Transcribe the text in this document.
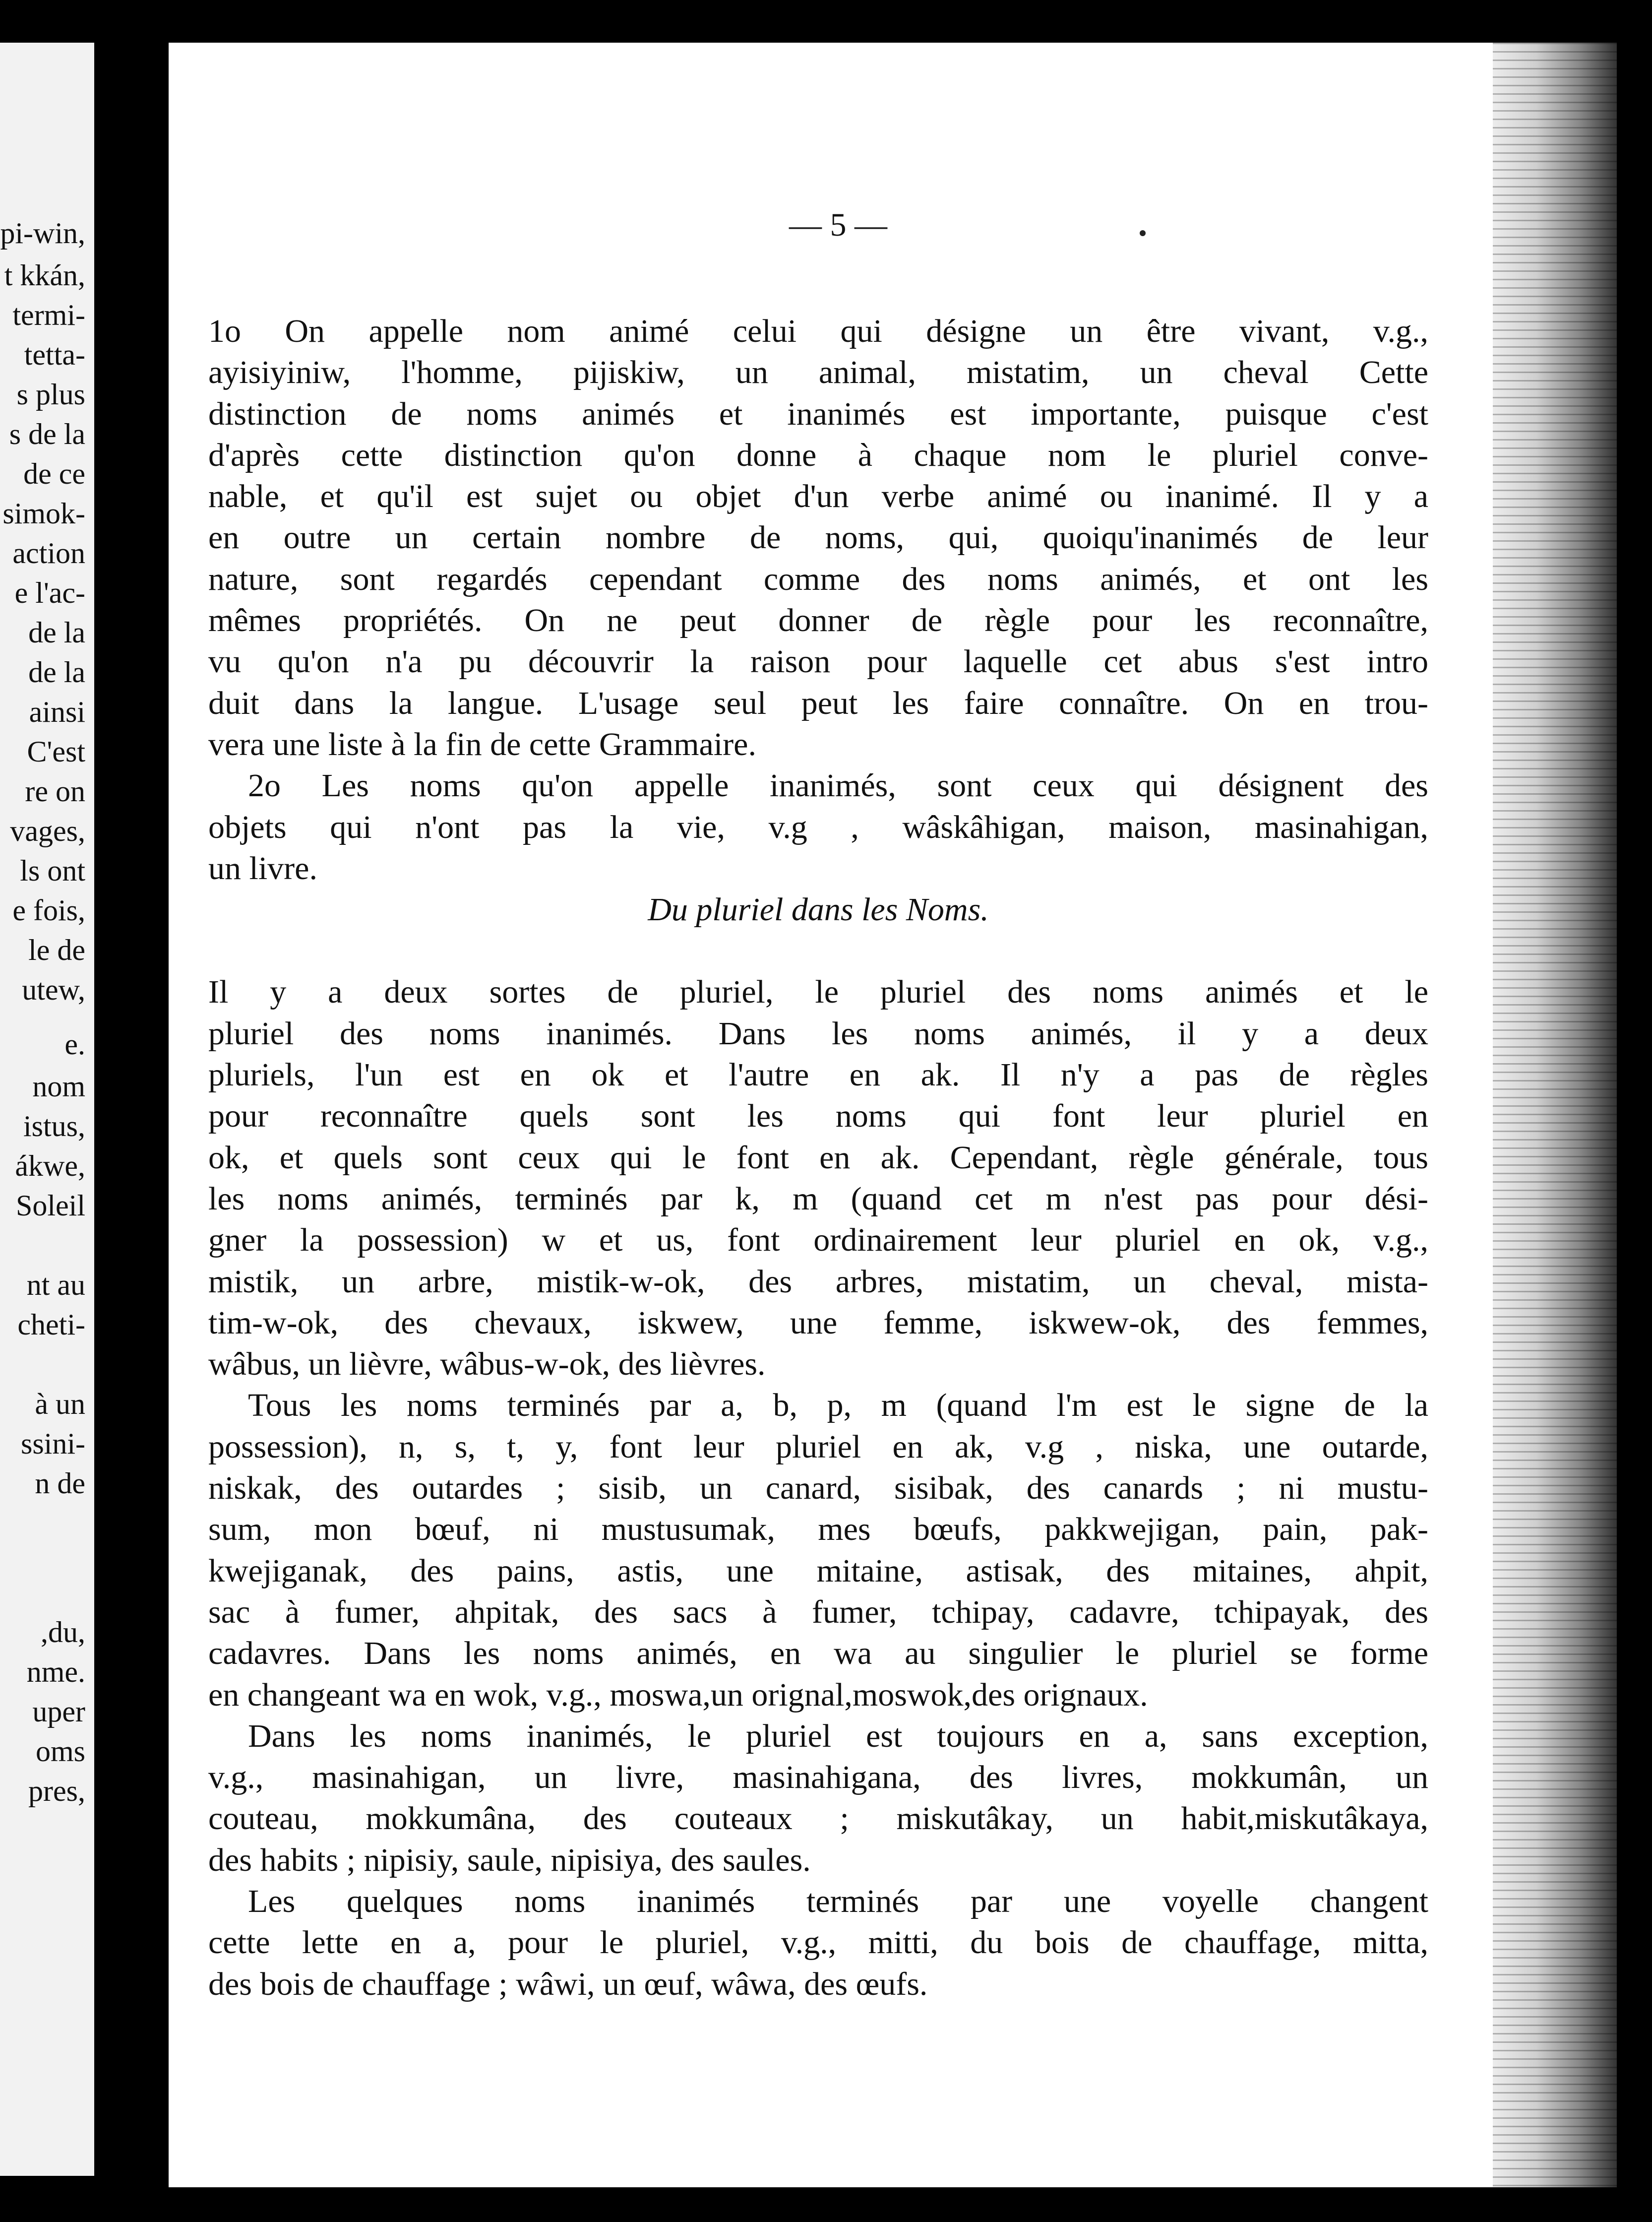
pi-win,
t kkán,
termi-
tetta-
s plus
s de la
de ce
simok-
action
e l'ac-
de la
de la
ainsi
C'est
re on
vages,
ls ont
e fois,
le de
utew,
e.
nom
istus,
ákwe,
Soleil
nt au
cheti-
à un
ssini-
n de
,du,
nme.
uper
oms
pres,
— 5 —
1o On appelle nom animé celui qui désigne un être vivant, v.g.,
ayisiyiniw, l'homme, pijiskiw, un animal, mistatim, un cheval Cette
distinction de noms animés et inanimés est importante, puisque c'est
d'après cette distinction qu'on donne à chaque nom le pluriel conve-
nable, et qu'il est sujet ou objet d'un verbe animé ou inanimé. Il y a
en outre un certain nombre de noms, qui, quoiqu'inanimés de leur
nature, sont regardés cependant comme des noms animés, et ont les
mêmes propriétés. On ne peut donner de règle pour les reconnaître,
vu qu'on n'a pu découvrir la raison pour laquelle cet abus s'est intro
duit dans la langue. L'usage seul peut les faire connaître. On en trou-
vera une liste à la fin de cette Grammaire.
2o Les noms qu'on appelle inanimés, sont ceux qui désignent des
objets qui n'ont pas la vie, v.g , wâskâhigan, maison, masinahigan,
un livre.
Du pluriel dans les Noms.
Il y a deux sortes de pluriel, le pluriel des noms animés et le
pluriel des noms inanimés. Dans les noms animés, il y a deux
pluriels, l'un est en ok et l'autre en ak. Il n'y a pas de règles
pour reconnaître quels sont les noms qui font leur pluriel en
ok, et quels sont ceux qui le font en ak. Cependant, règle générale, tous
les noms animés, terminés par k, m (quand cet m n'est pas pour dési-
gner la possession) w et us, font ordinairement leur pluriel en ok, v.g.,
mistik, un arbre, mistik-w-ok, des arbres, mistatim, un cheval, mista-
tim-w-ok, des chevaux, iskwew, une femme, iskwew-ok, des femmes,
wâbus, un lièvre, wâbus-w-ok, des lièvres.
Tous les noms terminés par a, b, p, m (quand l'm est le signe de la
possession), n, s, t, y, font leur pluriel en ak, v.g , niska, une outarde,
niskak, des outardes ; sisib, un canard, sisibak, des canards ; ni mustu-
sum, mon bœuf, ni mustusumak, mes bœufs, pakkwejigan, pain, pak-
kwejiganak, des pains, astis, une mitaine, astisak, des mitaines, ahpit,
sac à fumer, ahpitak, des sacs à fumer, tchipay, cadavre, tchipayak, des
cadavres. Dans les noms animés, en wa au singulier le pluriel se forme
en changeant wa en wok, v.g., moswa,un orignal,moswok,des orignaux.
Dans les noms inanimés, le pluriel est toujours en a, sans exception,
v.g., masinahigan, un livre, masinahigana, des livres, mokkumân, un
couteau, mokkumâna, des couteaux ; miskutâkay, un habit,miskutâkaya,
des habits ; nipisiy, saule, nipisiya, des saules.
Les quelques noms inanimés terminés par une voyelle changent
cette lette en a, pour le pluriel, v.g., mitti, du bois de chauffage, mitta,
des bois de chauffage ; wâwi, un œuf, wâwa, des œufs.
